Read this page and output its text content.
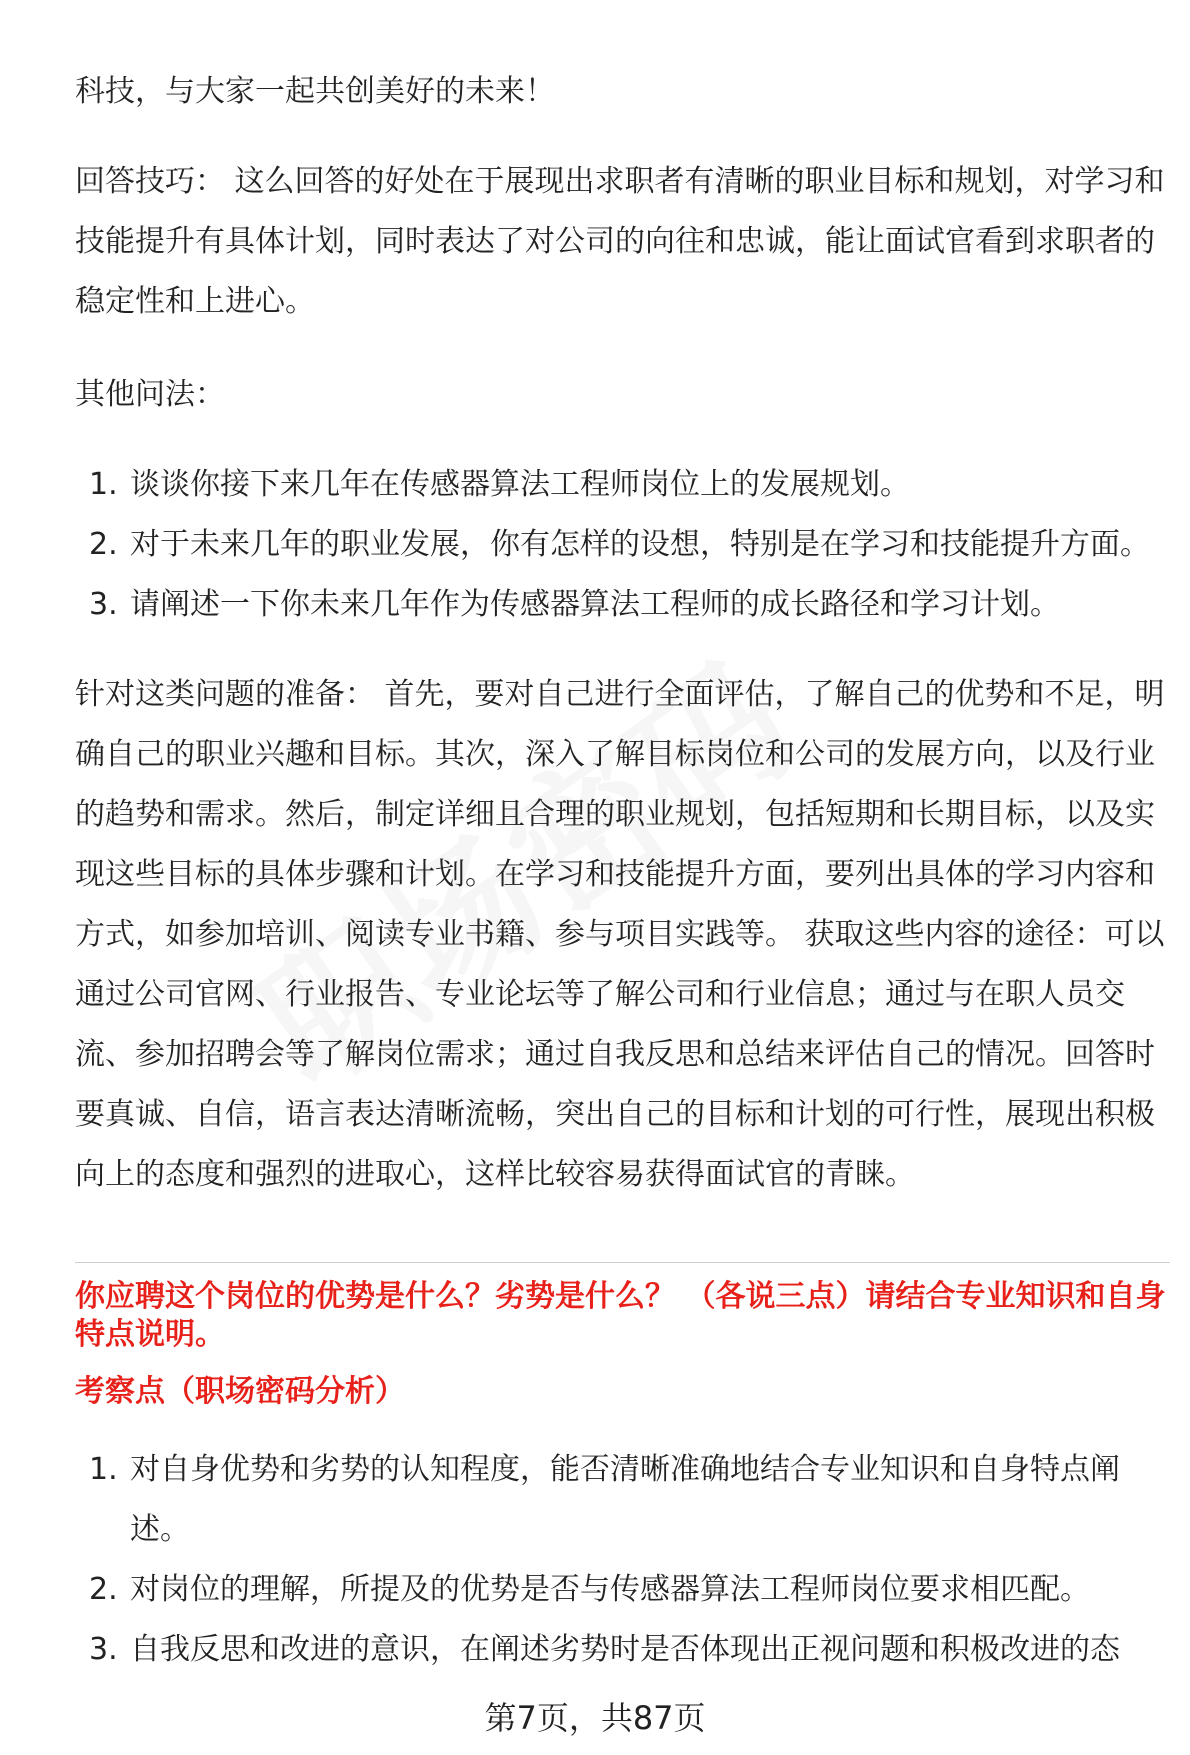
科技，与大家一起共创美好的未来！

回答技巧： 这么回答的好处在于展现出求职者有清晰的职业目标和规划，对学习和技能提升有具体计划，同时表达了对公司的向往和忠诚，能让面试官看到求职者的稳定性和上进心。

其他问法：

1. 谈谈你接下来几年在传感器算法工程师岗位上的发展规划。
2. 对于未来几年的职业发展，你有怎样的设想，特别是在学习和技能提升方面。
3. 请阐述一下你未来几年作为传感器算法工程师的成长路径和学习计划。

针对这类问题的准备： 首先，要对自己进行全面评估，了解自己的优势和不足，明确自己的职业兴趣和目标。其次，深入了解目标岗位和公司的发展方向，以及行业的趋势和需求。然后，制定详细且合理的职业规划，包括短期和长期目标，以及实现这些目标的具体步骤和计划。在学习和技能提升方面，要列出具体的学习内容和方式，如参加培训、阅读专业书籍、参与项目实践等。 获取这些内容的途径：可以通过公司官网、行业报告、专业论坛等了解公司和行业信息；通过与在职人员交流、参加招聘会等了解岗位需求；通过自我反思和总结来评估自己的情况。回答时要真诚、自信，语言表达清晰流畅，突出自己的目标和计划的可行性，展现出积极向上的态度和强烈的进取心，这样比较容易获得面试官的青睐。

你应聘这个岗位的优势是什么？劣势是什么？ （各说三点）请结合专业知识和自身特点说明。

考察点（职场密码分析）

1. 对自身优势和劣势的认知程度，能否清晰准确地结合专业知识和自身特点阐述。
2. 对岗位的理解，所提及的优势是否与传感器算法工程师岗位要求相匹配。
3. 自我反思和改进的意识，在阐述劣势时是否体现出正视问题和积极改进的态
第7页，共87页
